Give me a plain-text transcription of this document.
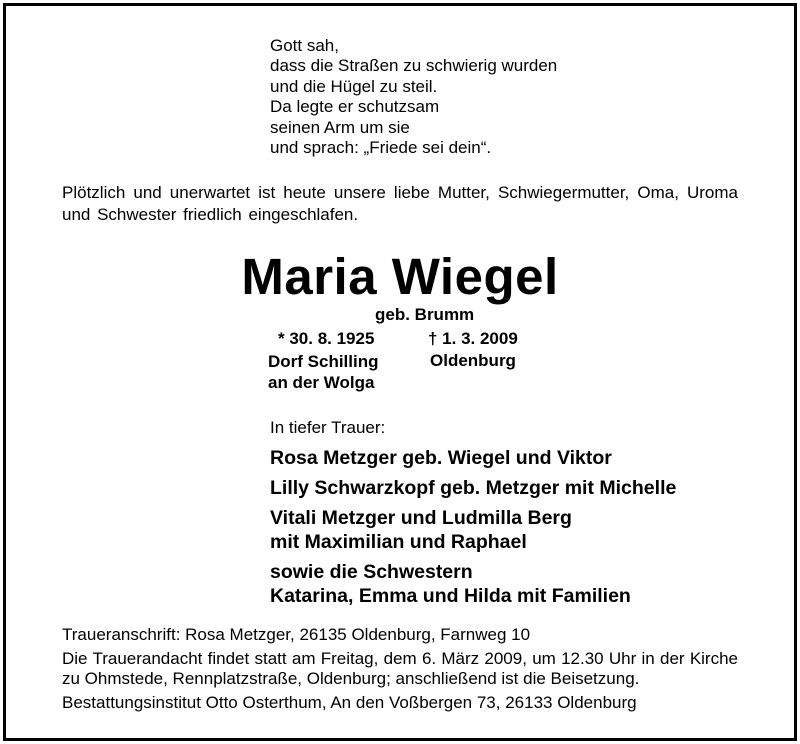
Gott sah,
dass die Straßen zu schwierig wurden
und die Hügel zu steil.
Da legte er schutzsam
seinen Arm um sie
und sprach: „Friede sei dein“.
Plötzlich und unerwartet ist heute unsere liebe Mutter, Schwiegermutter, Oma, Uroma und Schwester friedlich eingeschlafen.
Maria Wiegel
geb. Brumm
* 30. 8. 1925
Dorf Schilling
an der Wolga
† 1. 3. 2009
Oldenburg
In tiefer Trauer:
Rosa Metzger geb. Wiegel und Viktor
Lilly Schwarzkopf geb. Metzger mit Michelle
Vitali Metzger und Ludmilla Berg
mit Maximilian und Raphael
sowie die Schwestern
Katarina, Emma und Hilda mit Familien
Traueranschrift: Rosa Metzger, 26135 Oldenburg, Farnweg 10
Die Trauerandacht findet statt am Freitag, dem 6. März 2009, um 12.30 Uhr in der Kirche zu Ohmstede, Rennplatzstraße, Oldenburg; anschließend ist die Beisetzung.
Bestattungsinstitut Otto Osterthum, An den Voßbergen 73, 26133 Oldenburg
